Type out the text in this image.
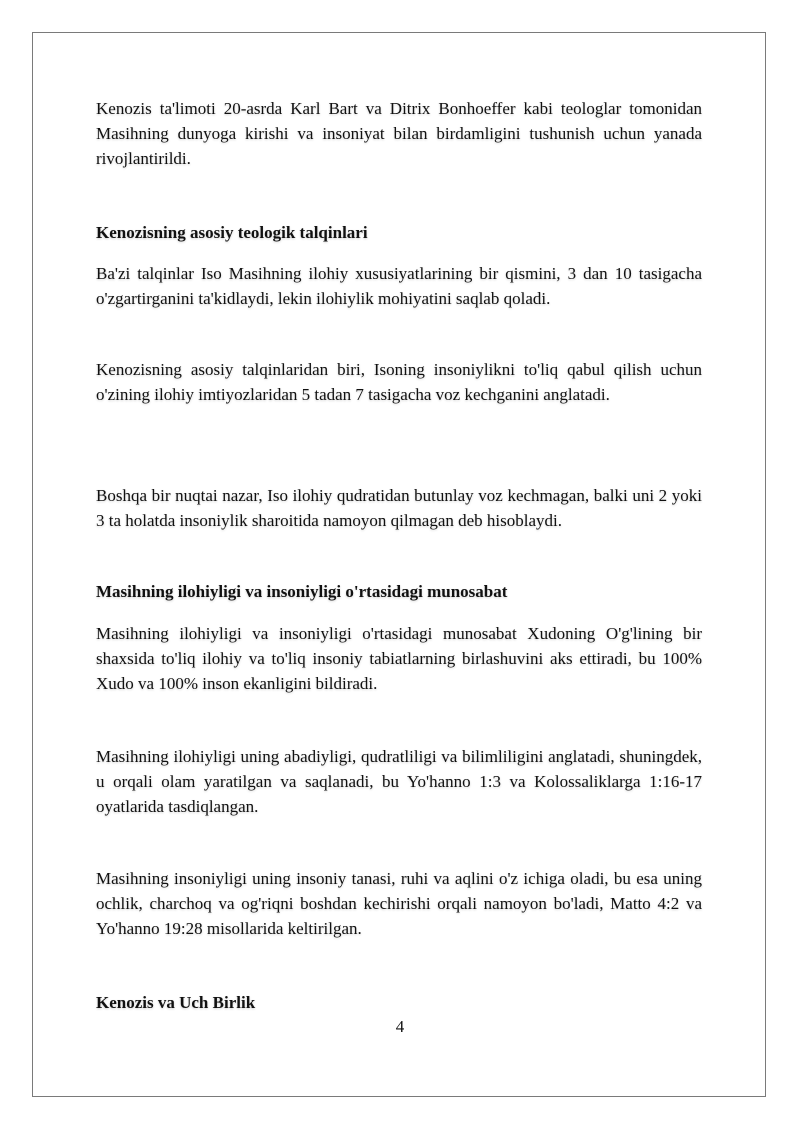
Kenozis ta'limoti 20-asrda Karl Bart va Ditrix Bonhoeffer kabi teologlar tomonidan Masihning dunyoga kirishi va insoniyat bilan birdamligini tushunish uchun yanada rivojlantirildi.

Kenozisning asosiy teologik talqinlari

Ba'zi talqinlar Iso Masihning ilohiy xususiyatlarining bir qismini, 3 dan 10 tasigacha o'zgartirganini ta'kidlaydi, lekin ilohiylik mohiyatini saqlab qoladi.

Kenozisning asosiy talqinlaridan biri, Isoning insoniylikni to'liq qabul qilish uchun o'zining ilohiy imtiyozlaridan 5 tadan 7 tasigacha voz kechganini anglatadi.

Boshqa bir nuqtai nazar, Iso ilohiy qudratidan butunlay voz kechmagan, balki uni 2 yoki 3 ta holatda insoniylik sharoitida namoyon qilmagan deb hisoblaydi.

Masihning ilohiyligi va insoniyligi o'rtasidagi munosabat

Masihning ilohiyligi va insoniyligi o'rtasidagi munosabat Xudoning O'g'lining bir shaxsida to'liq ilohiy va to'liq insoniy tabiatlarning birlashuvini aks ettiradi, bu 100% Xudo va 100% inson ekanligini bildiradi.

Masihning ilohiyligi uning abadiyligi, qudratliligi va bilimliligini anglatadi, shuningdek, u orqali olam yaratilgan va saqlanadi, bu Yo'hanno 1:3 va Kolossaliklarga 1:16-17 oyatlarida tasdiqlangan.

Masihning insoniyligi uning insoniy tanasi, ruhi va aqlini o'z ichiga oladi, bu esa uning ochlik, charchoq va og'riqni boshdan kechirishi orqali namoyon bo'ladi, Matto 4:2 va Yo'hanno 19:28 misollarida keltirilgan.

Kenozis va Uch Birlik
4
